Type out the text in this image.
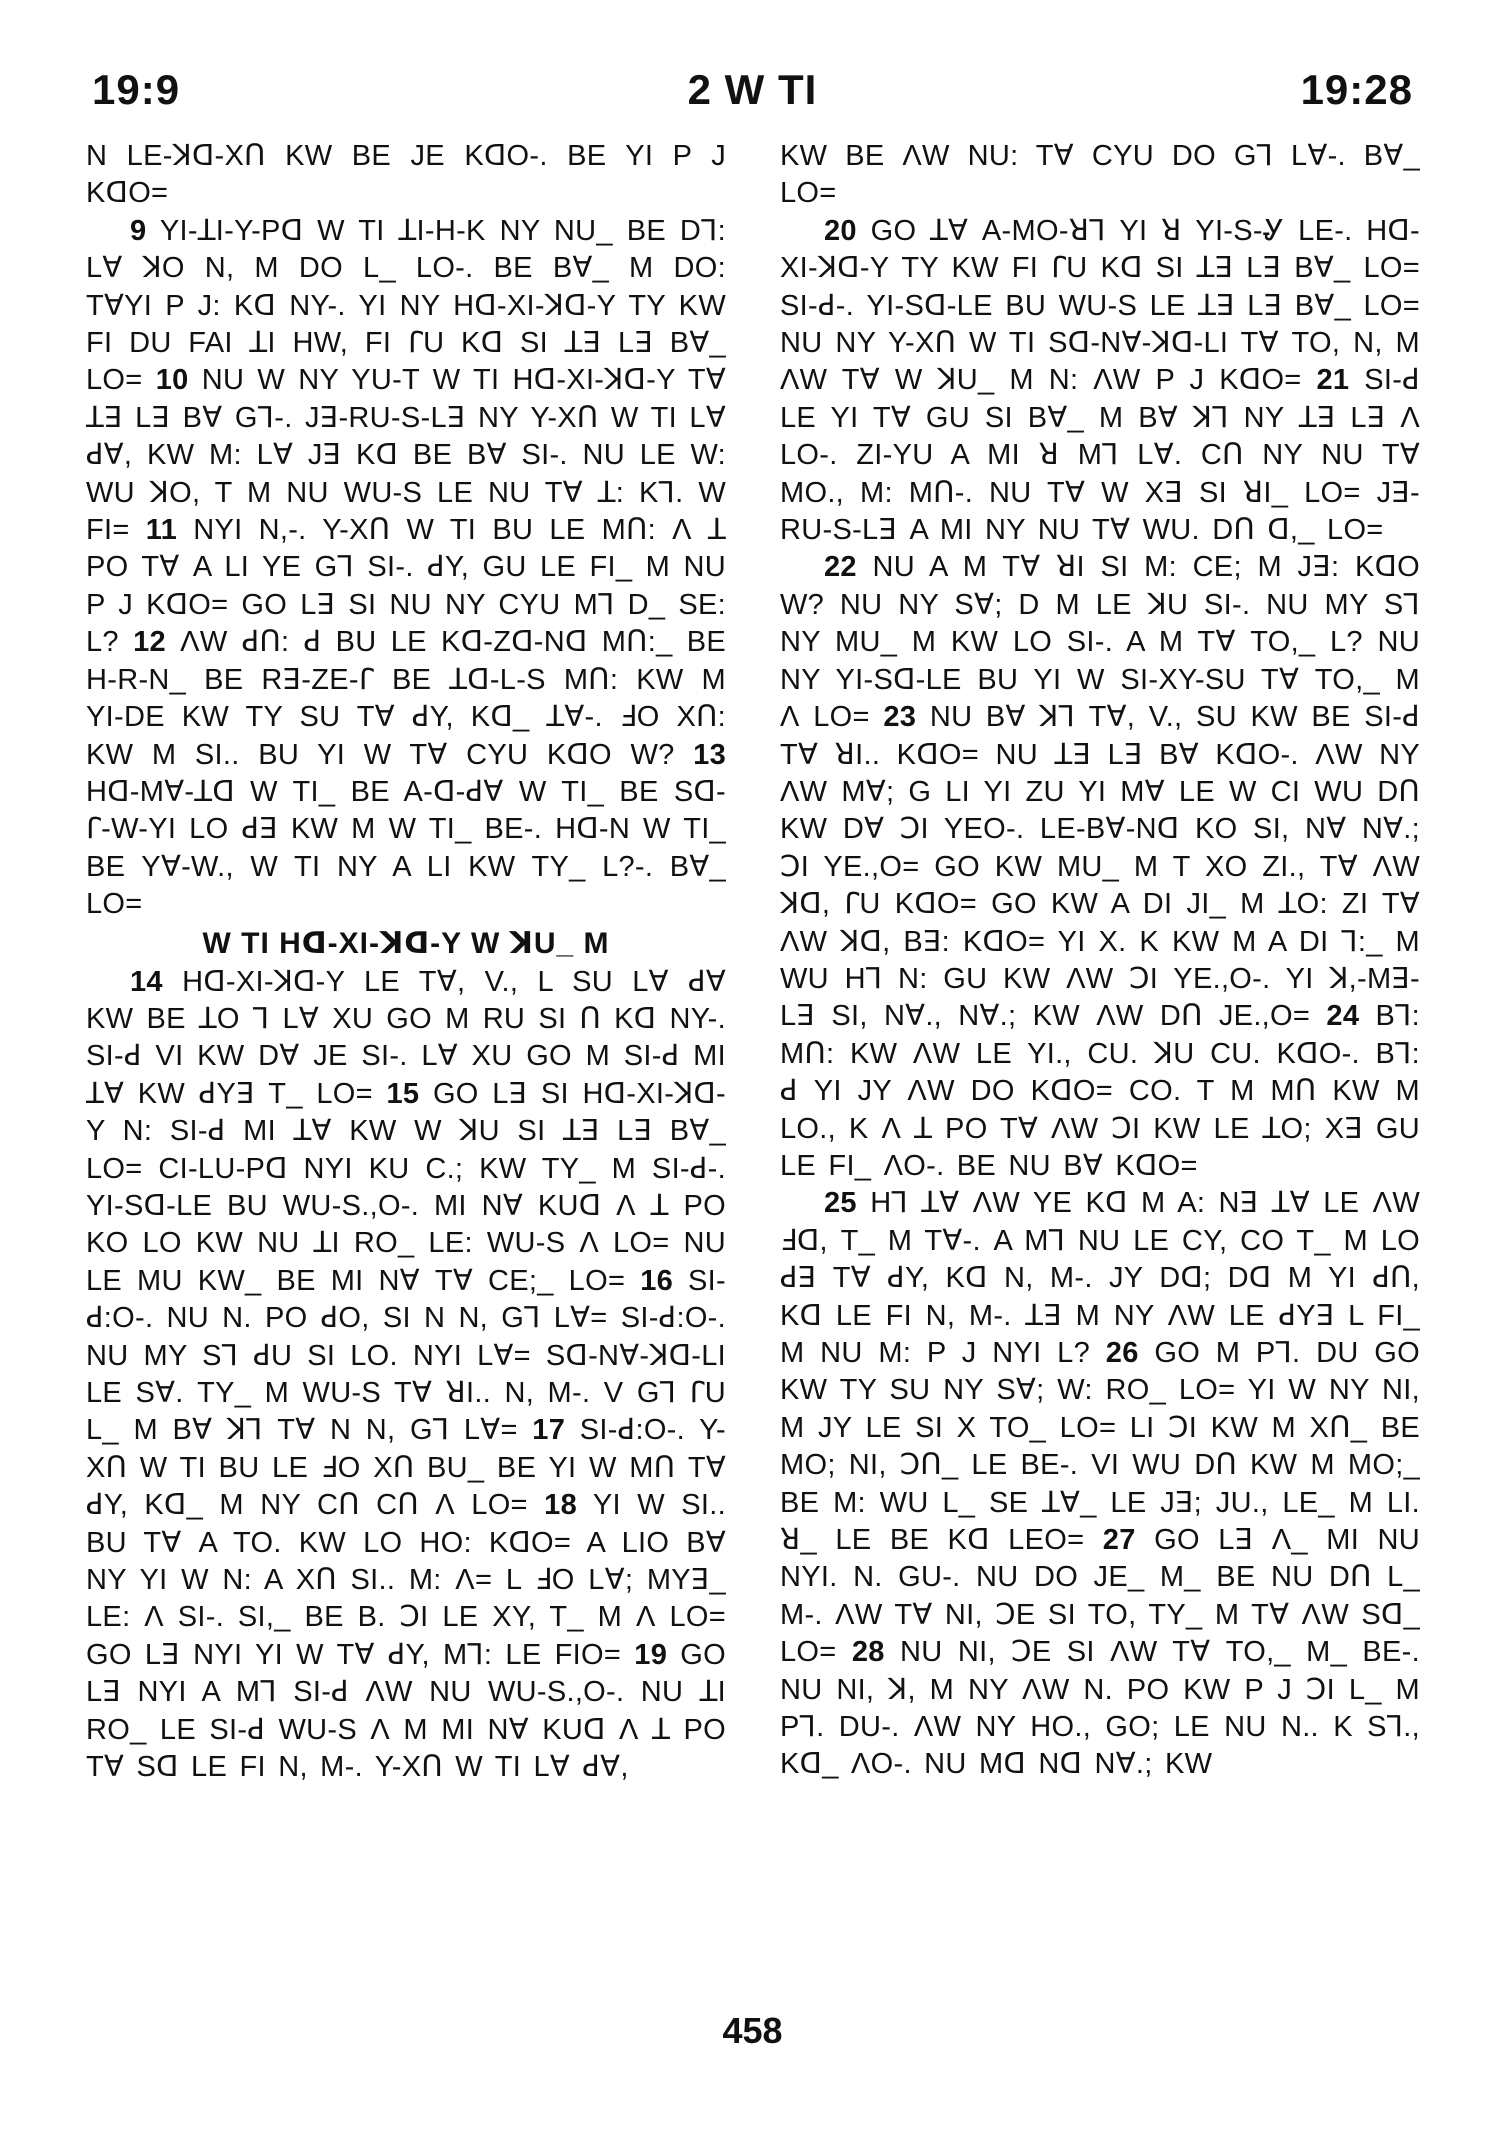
19:9	2 W TI	19:28

N LE-ꓘꓷ-XՈ KW BE JE KꓷO-. BE YI P J KꓷO=

9 YI-ꓕI-Y-Pꓷ W TI ꓕI-H-K NY NU_ BE Dꓶ: Lꓯ ꓘO N, M DO L_ LO-. BE Bꓯ_ M DO: TꓯYI P J: Kꓷ NY-. YI NY Hꓷ-XI-ꓘꓷ-Y TY KW FI DU FAI ꓕI HW, FI ꓩU Kꓷ SI ꓕꓱ Lꓱ Bꓯ_ LO= 10 NU W NY YU-T W TI Hꓷ-XI-ꓘꓷ-Y Tꓯ ꓕꓱ Lꓱ Bꓯ Gꓶ-. Jꓱ-RU-S-Lꓱ NY Y-XՈ W TI Lꓯ ꓒꓯ, KW M: Lꓯ Jꓱ Kꓷ BE Bꓯ SI-. NU LE W: WU ꓘO, T M NU WU-S LE NU Tꓯ ꓕ: Kꓶ. W FI= 11 NYI N,-. Y-XՈ W TI BU LE MՈ: Ʌ ꓕ PO Tꓯ A LI YE Gꓶ SI-. ꓒY, GU LE FI_ M NU P J KꓷO= GO Lꓱ SI NU NY CYU Mꓶ D_ SE: L? 12 ɅW ꓒՈ: ꓒ BU LE Kꓷ-Zꓷ-Nꓷ MՈ:_ BE H-R-N_ BE Rꓱ-ZE-ꓩ BE ꓕꓷ-L-S MՈ: KW M YI-DE KW TY SU Tꓯ ꓒY, Kꓷ_ ꓕꓯ-. ꓞO XՈ: KW M SI.. BU YI W Tꓯ CYU KꓷO W? 13 Hꓷ-Mꓯ-ꓕꓷ W TI_ BE A-ꓷ-ꓒꓯ W TI_ BE Sꓷ-ꓩ-W-YI LO ꓒꓱ KW M W TI_ BE-. Hꓷ-N W TI_ BE Yꓯ-W., W TI NY A LI KW TY_ L?-. Bꓯ_ LO=

W TI Hꓷ-XI-ꓘꓷ-Y W ꓘU_ M

14 Hꓷ-XI-ꓘꓷ-Y LE Tꓯ, V., L SU Lꓯ ꓒꓯ KW BE ꓕO ꓶ Lꓯ XU GO M RU SI Ո Kꓷ NY-. SI-ꓒ VI KW Dꓯ JE SI-. Lꓯ XU GO M SI-ꓒ MI ꓕꓯ KW ꓒYꓱ T_ LO= 15 GO Lꓱ SI Hꓷ-XI-ꓘꓷ-Y N: SI-ꓒ MI ꓕꓯ KW W ꓘU SI ꓕꓱ Lꓱ Bꓯ_ LO= CI-LU-Pꓷ NYI KU C.; KW TY_ M SI-ꓒ-. YI-Sꓷ-LE BU WU-S.,O-. MI Nꓯ KUꓷ Ʌ ꓕ PO KO LO KW NU ꓕI RO_ LE: WU-S Ʌ LO= NU LE MU KW_ BE MI Nꓯ Tꓯ CE;_ LO= 16 SI-ꓒ:O-. NU N. PO ꓒO, SI N N, Gꓶ Lꓯ= SI-ꓒ:O-. NU MY Sꓶ ꓒU SI LO. NYI Lꓯ= Sꓷ-Nꓯ-ꓘꓷ-LI LE Sꓯ. TY_ M WU-S Tꓯ ꓤI.. N, M-. V Gꓶ ꓩU L_ M Bꓯ ꓘꓶ Tꓯ N N, Gꓶ Lꓯ= 17 SI-ꓒ:O-. Y-XՈ W TI BU LE ꓞO XՈ BU_ BE YI W MՈ Tꓯ ꓒY, Kꓷ_ M NY CՈ CՈ Ʌ LO= 18 YI W SI.. BU Tꓯ A TO. KW LO HO: KꓷO= A LIO Bꓯ NY YI W N: A XՈ SI.. M: Ʌ= L ꓞO Lꓯ; MYꓱ_ LE: Ʌ SI-. SI,_ BE B. ꓛI LE XY, T_ M Ʌ LO= GO Lꓱ NYI YI W Tꓯ ꓒY, Mꓶ: LE FIO= 19 GO Lꓱ NYI A Mꓶ SI-ꓒ ɅW NU WU-S.,O-. NU ꓕI RO_ LE SI-ꓒ WU-S Ʌ M MI Nꓯ KUꓷ Ʌ ꓕ PO Tꓯ Sꓷ LE FI N, M-. Y-XՈ W TI Lꓯ ꓒꓯ,

KW BE ɅW NU: Tꓯ CYU DO Gꓶ Lꓯ-. Bꓯ_ LO=

20 GO ꓕꓯ A-MO-ꓤꓶ YI ꓤ YI-S-Ꮍ LE-. Hꓷ-XI-ꓘꓷ-Y TY KW FI ꓩU Kꓷ SI ꓕꓱ Lꓱ Bꓯ_ LO= SI-ꓒ-. YI-Sꓷ-LE BU WU-S LE ꓕꓱ Lꓱ Bꓯ_ LO= NU NY Y-XՈ W TI Sꓷ-Nꓯ-ꓘꓷ-LI Tꓯ TO, N, M ɅW Tꓯ W ꓘU_ M N: ɅW P J KꓷO= 21 SI-ꓒ LE YI Tꓯ GU SI Bꓯ_ M Bꓯ ꓘꓶ NY ꓕꓱ Lꓱ Ʌ LO-. ZI-YU A MI ꓤ Mꓶ Lꓯ. CՈ NY NU Tꓯ MO., M: MՈ-. NU Tꓯ W Xꓱ SI ꓤI_ LO= Jꓱ-RU-S-Lꓱ A MI NY NU Tꓯ WU. DՈ ꓷ,_ LO=

22 NU A M Tꓯ ꓤI SI M: CE; M Jꓱ: KꓷO W? NU NY Sꓯ; D M LE ꓘU SI-. NU MY Sꓶ NY MU_ M KW LO SI-. A M Tꓯ TO,_ L? NU NY YI-Sꓷ-LE BU YI W SI-XY-SU Tꓯ TO,_ M Ʌ LO= 23 NU Bꓯ ꓘꓶ Tꓯ, V., SU KW BE SI-ꓒ Tꓯ ꓤI.. KꓷO= NU ꓕꓱ Lꓱ Bꓯ KꓷO-. ɅW NY ɅW Mꓯ; G LI YI ZU YI Mꓯ LE W CI WU DՈ KW Dꓯ ꓛI YEO-. LE-Bꓯ-Nꓷ KO SI, Nꓯ Nꓯ.; ꓛI YE.,O= GO KW MU_ M T XO ZI., Tꓯ ɅW ꓘꓷ, ꓩU KꓷO= GO KW A DI JI_ M ꓕO: ZI Tꓯ ɅW ꓘꓷ, Bꓱ: KꓷO= YI X. K KW M A DI ꓶ:_ M WU Hꓶ N: GU KW ɅW ꓛI YE.,O-. YI ꓘ,-Mꓱ-Lꓱ SI, Nꓯ., Nꓯ.; KW ɅW DՈ JE.,O= 24 Bꓶ: MՈ: KW ɅW LE YI., CU. ꓘU CU. KꓷO-. Bꓶ: ꓒ YI JY ɅW DO KꓷO= CO. T M MՈ KW M LO., K Ʌ ꓕ PO Tꓯ ɅW ꓛI KW LE ꓕO; Xꓱ GU LE FI_ ɅO-. BE NU Bꓯ KꓷO=

25 Hꓶ ꓕꓯ ɅW YE Kꓷ M A: Nꓱ ꓕꓯ LE ɅW ꓞꓷ, T_ M Tꓯ-. A Mꓶ NU LE CY, CO T_ M LO ꓒꓱ Tꓯ ꓒY, Kꓷ N, M-. JY Dꓷ; Dꓷ M YI ꓒՈ, Kꓷ LE FI N, M-. ꓕꓱ M NY ɅW LE ꓒYꓱ L FI_ M NU M: P J NYI L? 26 GO M Pꓶ. DU GO KW TY SU NY Sꓯ; W: RO_ LO= YI W NY NI, M JY LE SI X TO_ LO= LI ꓛI KW M XՈ_ BE MO; NI, ꓛՈ_ LE BE-. VI WU DՈ KW M MO;_ BE M: WU L_ SE ꓕꓯ_ LE Jꓱ; JU., LE_ M LI. ꓤ_ LE BE Kꓷ LEO= 27 GO Lꓱ Ʌ_ MI NU NYI. N. GU-. NU DO JE_ M_ BE NU DՈ L_ M-. ɅW Tꓯ NI, ꓛE SI TO, TY_ M Tꓯ ɅW Sꓷ_ LO= 28 NU NI, ꓛE SI ɅW Tꓯ TO,_ M_ BE-. NU NI, ꓘ, M NY ɅW N. PO KW P J ꓛI L_ M Pꓶ. DU-. ɅW NY HO., GO; LE NU N.. K Sꓶ., Kꓷ_ ɅO-. NU Mꓷ Nꓷ Nꓯ.; KW

458
